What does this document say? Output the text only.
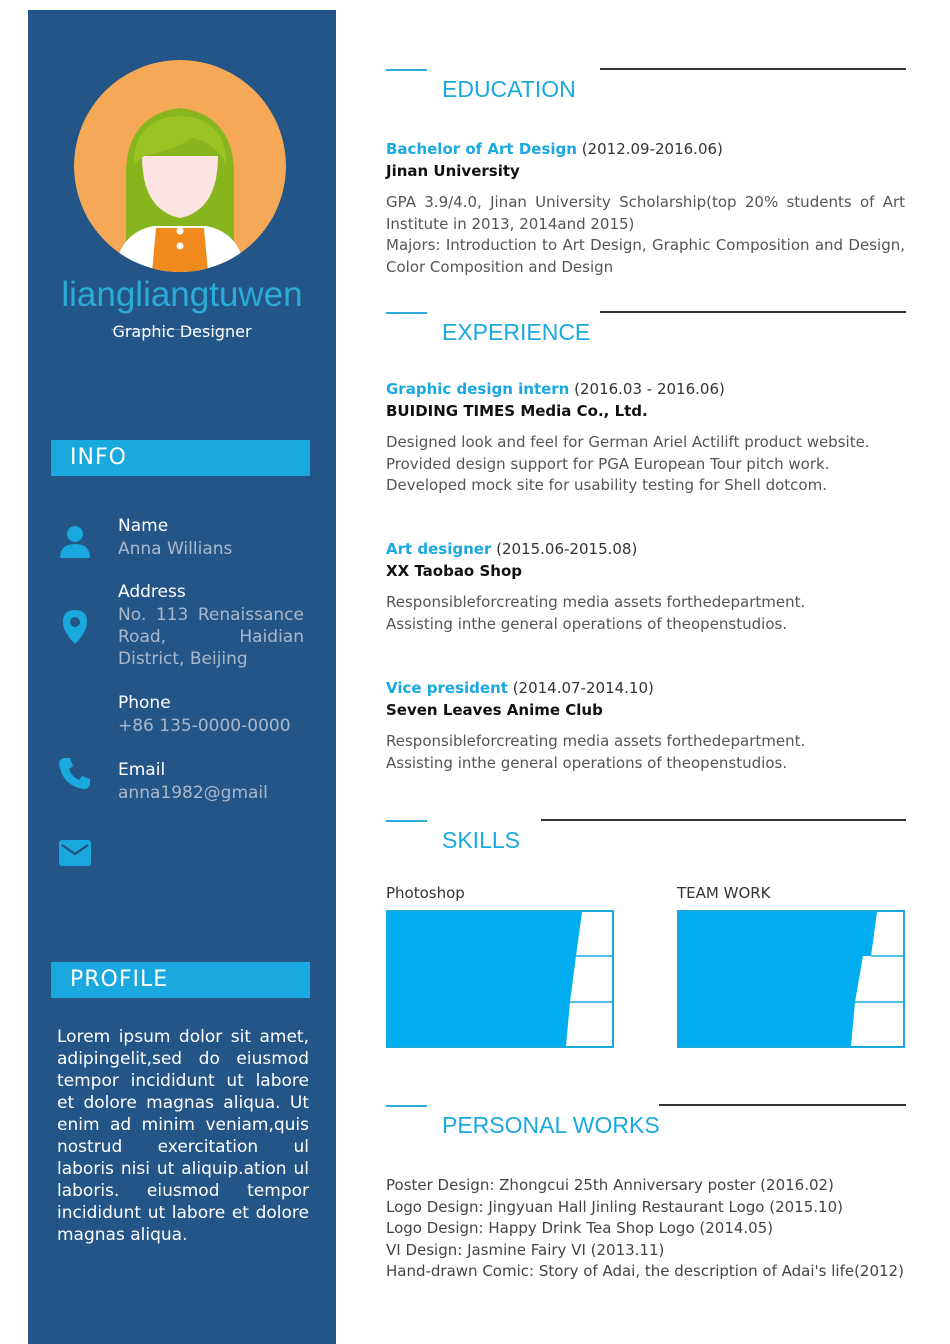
liangliangtuwen
Graphic Designer
INFO
Name
Anna Willians
Address
No. 113 Renaissance Road, Haidian District, Beijing
Phone
+86 135-0000-0000
Email
anna1982@gmail
PROFILE
Lorem ipsum dolor sit amet, adipingelit,sed do eiusmod tempor incididunt ut labore et dolore magnas aliqua. Ut enim ad minim veniam,quis nostrud exercitation ul laboris nisi ut aliquip.ation ul laboris. eiusmod tempor incididunt ut labore et dolore magnas aliqua.
EDUCATION
Bachelor of Art Design (2012.09-2016.06)
Jinan University
GPA 3.9/4.0, Jinan University Scholarship(top 20% students of Art Institute in 2013, 2014and 2015)
Majors: Introduction to Art Design, Graphic Composition and Design, Color Composition and Design
EXPERIENCE
Graphic design intern (2016.03 - 2016.06)
BUIDING TIMES Media Co., Ltd.
Designed look and feel for German Ariel Actilift product website.
Provided design support for PGA European Tour pitch work.
Developed mock site for usability testing for Shell dotcom.
Art designer (2015.06-2015.08)
XX Taobao Shop
Responsibleforcreating media assets forthedepartment.
Assisting inthe general operations of theopenstudios.
Vice president (2014.07-2014.10)
Seven Leaves Anime Club
Responsibleforcreating media assets forthedepartment.
Assisting inthe general operations of theopenstudios.
SKILLS
Photoshop	TEAM WORK
PERSONAL WORKS
Poster Design: Zhongcui 25th Anniversary poster (2016.02)
Logo Design: Jingyuan Hall Jinling Restaurant Logo (2015.10)
Logo Design: Happy Drink Tea Shop Logo (2014.05)
VI Design: Jasmine Fairy VI (2013.11)
Hand-drawn Comic: Story of Adai, the description of Adai's life(2012)
